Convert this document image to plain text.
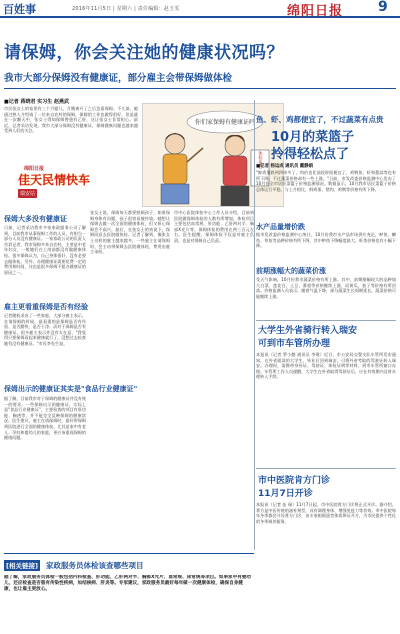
百姓事	2016年11月5日 | 星期六 | 责任编辑：赵玉雯	绵阳日报 9
请保姆，你会关注她的健康状况吗？
我市大部分保姆没有健康证，部分雇主会带保姆做体检
■记者 蒋晓君 实习生 赵燕武
市民张女士的家里有三个月婴儿，月嫂离开了之后急需保姆。不久前，她通过熟人介绍请了一位来自农村的保姆，保姆的工作也做得很好，但是就在一次聊天中，张女士得知保姆曾患有乙肝，这让张女士非常担心。最近，记者采访发现，我市大部分保姆没有健康证，保姆健康问题也越来越受到人们的关注。
你们家保姆有健康证吗
体检报告
绵阳日报
佳天民情快车
瑞安站
保姆大多没有健康证
日前，记者采访我市多家家政服务公司了解到，目前我市从事保姆工作的人员，有相当一部分人员没有健康证。一家家政公司的负责人告诉记者，我市保姆多来自农村，主要是中老年妇女，一般她们在上岗前都没有做健康体检。很多保姆认为，自己身体很好，没有必要去做体检。另外，办理健康证需要花费一定的费用和时间，这也是很多保姆不愿办健康证的原因之一。
雇主更看重保姆是否有经验
记者随机采访了一些家庭，大部分雇主表示，在请保姆的时候，最看重的是保姆是否有经验、是否勤快、是否干净。而对于保姆是否有健康证，很多雇主表示并没有太在意。"我觉得只要保姆看起来健康就行了，没想过去检查她有没有健康证。"市民李先生说。
保姆出示的健康证其实是"食品行业健康证"
据了解，目前我市对于保姆的健康证并没有统一的要求。一些保姆出示的健康证，实际上是"食品行业健康证"，主要检查的项目有肝功能、胸透等，并不能完全反映保姆的健康状况。医生建议，雇主在请保姆时，最好带保姆到医院进行全面的健康体检，尤其是家中有老人、孕妇和婴幼儿的家庭，更应该重视保姆的健康问题。
张女士说，保姆每天都要照顾孩子，如果保姆身体有问题，孩子很容易被传染。她想让保姆去做一次全面的健康体检，但又担心保姆会不高兴。最后，在张女士的劝说下，保姆同意去医院做体检。记者了解到，像张女士这样的雇主越来越多，一些雇主在请保姆时，会主动带保姆去医院做体检，费用由雇主承担。
市中心医院体检中心工作人员介绍，目前到医院做保姆体检的人数有所增加，体检项目主要包括血常规、肝功能、乙肝两对半、胸部X光片等。保姆体检的费用在两三百元左右。医生提醒，保姆体检不仅是对雇主负责，也是对保姆自己负责。
鱼、虾、鸡都便宜了，不过蔬菜有点贵
10月的菜篮子
拎得轻松点了
■记者 杨运成 通讯员 戴静娟
"鲜鸡蛋跌到四块多了，肉价也比前段时间便宜了，鸡鸭鱼、虾和葱蒜等也有所下降，不过蔬菜价格却有一些上涨。"日前，市发改委价格监测中心发布了10月份全市居民菜篮子价格监测情况。数据显示，10月我市居民菜篮子价格总体运行平稳，与上月相比，鲜鸡蛋、猪肉、鸡鸭等价格有所下降。
水产品量增价跌
据市发改委价格监测中心统计，10月份我市水产品市场供应充足，鲈鱼、鲫鱼、草鱼等品种价格有所下降，其中鲈鱼下降幅度最大。虾类价格也有小幅下降。
前期涨幅大的蔬菜价涨
受天气影响，10月份我市蔬菜价格有所上涨。其中，前期涨幅较大的品种如大白菜、莲花白、土豆、番茄等价格继续上涨，而黄瓜、茄子等价格有所回落。价格监测人员表示，随着气温下降，部分蔬菜生长周期延长，蔬菜价格可能继续上涨。
大学生外省骑行转入瑞安
可到市车管所办理
本报讯（记者 罗小勤 通讯员 李建）近日，市公安局交警支队车管所发布通知，在外省就读的大学生，毕业后回到瑞安，可将外省考取的驾驶证转入瑞安。办理时，需携带身份证、驾驶证、体检证明等材料，到市车管所窗口办理。车管所工作人员提醒，大学生在外省取得驾驶证后，应在有效期内及时办理转入手续。
市中医院肯方门诊
11月7日开诊
本报讯（记者 伍 瑞）11月7日起，市中医院膏方门诊将正式开诊。据介绍，膏方是中医传统的滋补剂型，具有调理身体、增强免疫力等功效。市中医院每年冬季都会开设膏方门诊，由专家根据患者体质辨证开方，为市民提供个性化的冬季调养服务。
[相关链接] 家政服务员体检该查哪些项目
据了解，家政服务员体检一般包括内科检查、肝功能、乙肝两对半、胸部X光片、血常规、尿常规等项目。如果家中有婴幼儿，还应检查是否患有传染性疾病，如结核病、肝炎等。专家建议，家政服务员最好每年做一次健康体检，确保自身健康，也让雇主更放心。
